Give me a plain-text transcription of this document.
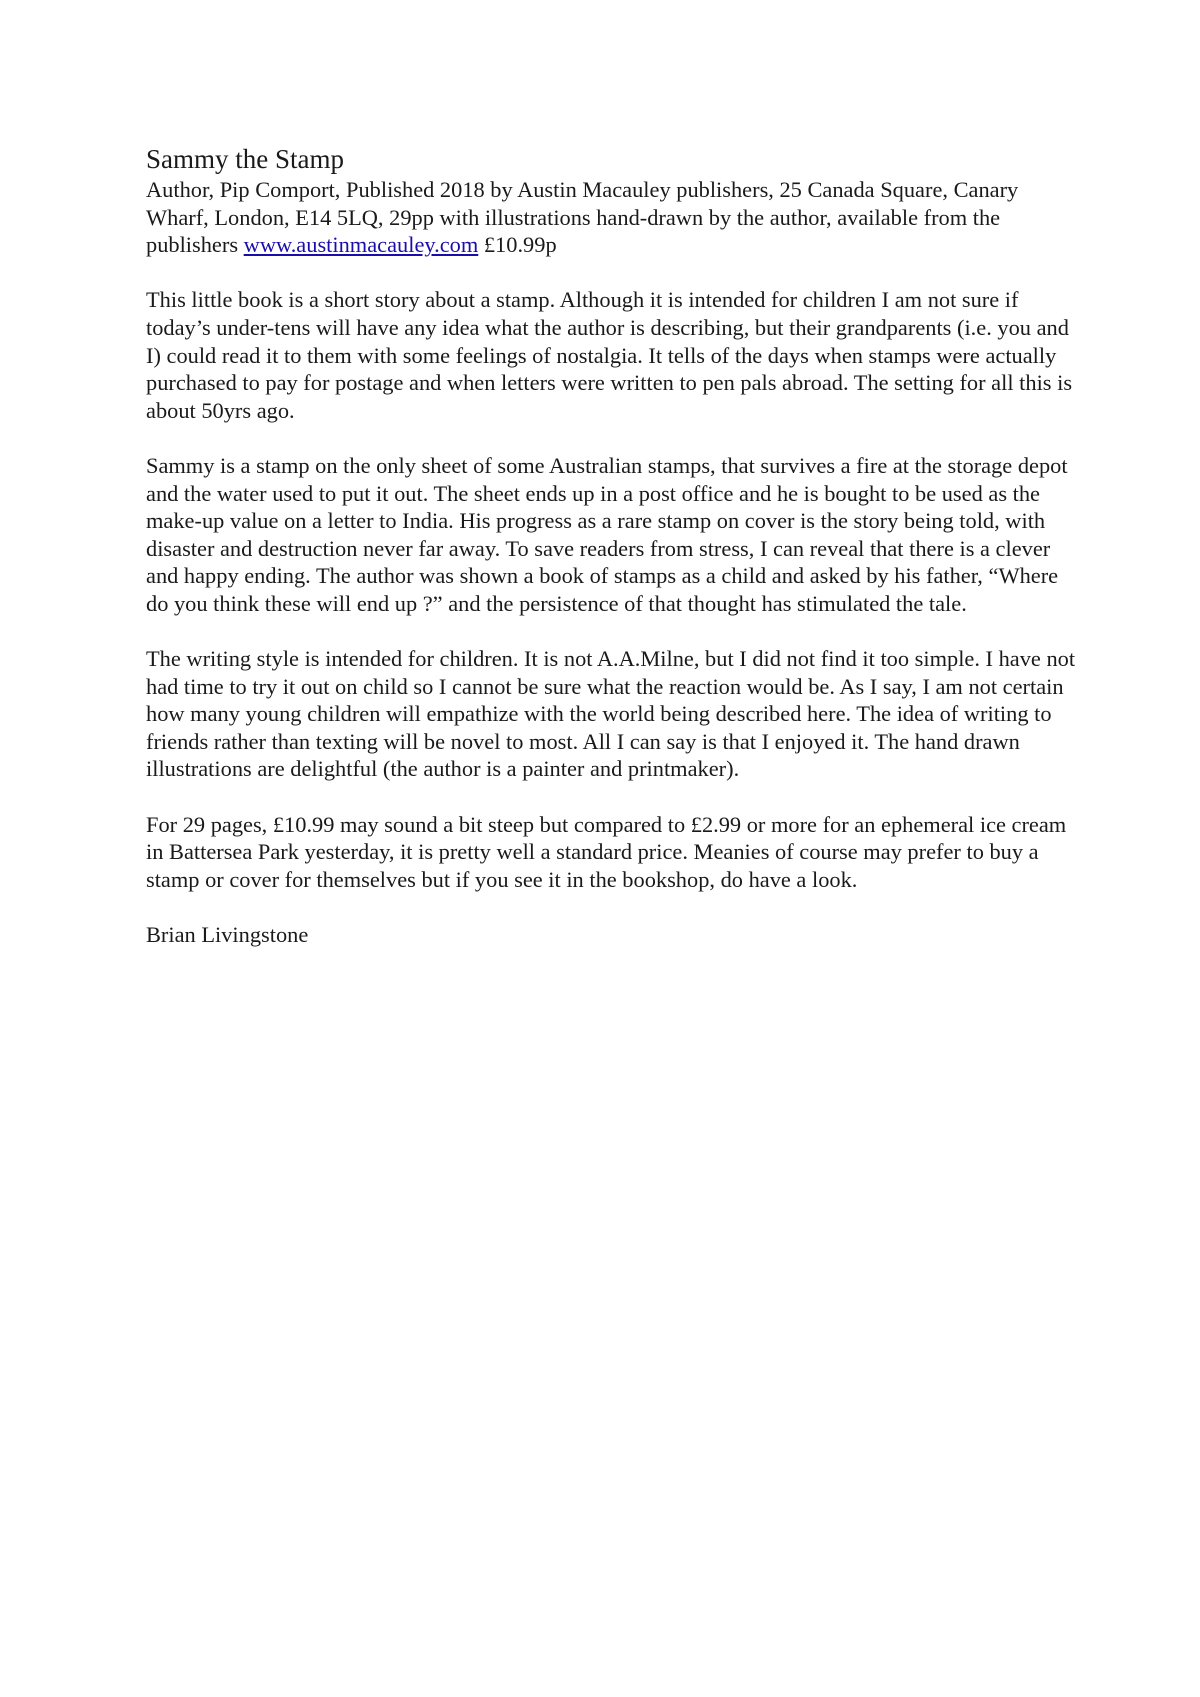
Sammy the Stamp

Author, Pip Comport, Published 2018 by Austin Macauley publishers, 25 Canada Square, Canary Wharf, London, E14 5LQ, 29pp with illustrations hand-drawn by the author, available from the publishers www.austinmacauley.com £10.99p

This little book is a short story about a stamp. Although it is intended for children I am not sure if today’s under-tens will have any idea what the author is describing, but their grandparents (i.e. you and I) could read it to them with some feelings of nostalgia. It tells of the days when stamps were actually purchased to pay for postage and when letters were written to pen pals abroad. The setting for all this is about 50yrs ago.

Sammy is a stamp on the only sheet of some Australian stamps, that survives a fire at the storage depot and the water used to put it out. The sheet ends up in a post office and he is bought to be used as the make-up value on a letter to India. His progress as a rare stamp on cover is the story being told, with disaster and destruction never far away. To save readers from stress, I can reveal that there is a clever and happy ending. The author was shown a book of stamps as a child and asked by his father, “Where do you think these will end up ?” and the persistence of that thought has stimulated the tale.

The writing style is intended for children. It is not A.A.Milne, but I did not find it too simple. I have not had time to try it out on child so I cannot be sure what the reaction would be. As I say, I am not certain how many young children will empathize with the world being described here. The idea of writing to friends rather than texting will be novel to most. All I can say is that I enjoyed it. The hand drawn illustrations are delightful (the author is a painter and printmaker).

For 29 pages, £10.99 may sound a bit steep but compared to £2.99 or more for an ephemeral ice cream in Battersea Park yesterday, it is pretty well a standard price. Meanies of course may prefer to buy a stamp or cover for themselves but if you see it in the bookshop, do have a look.

Brian Livingstone
